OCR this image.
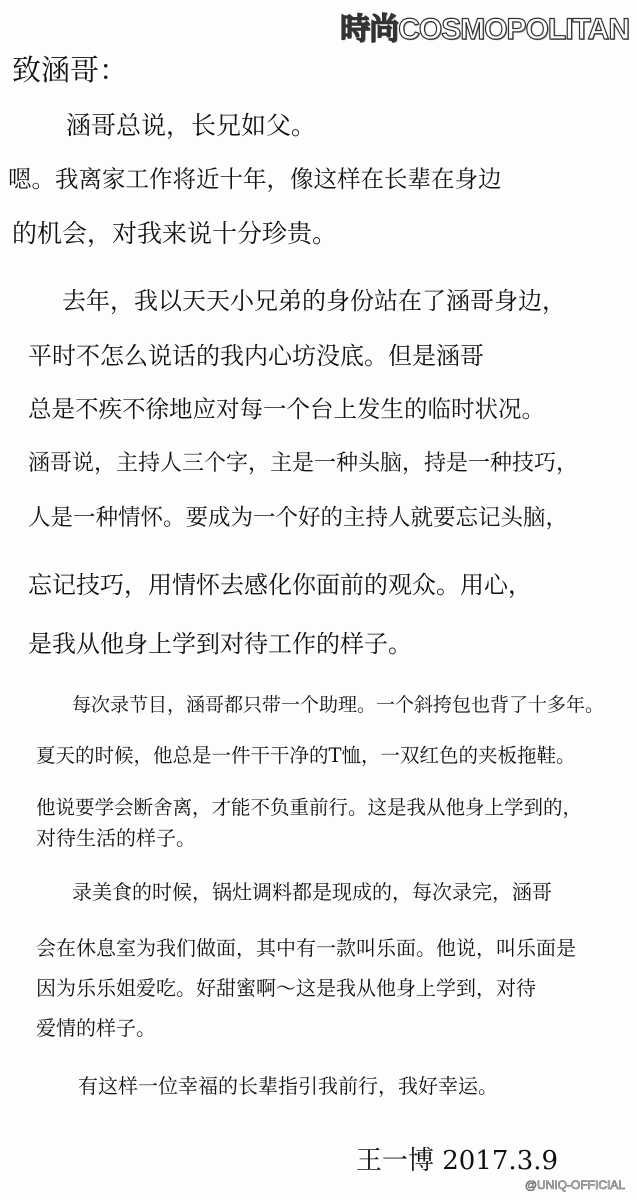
時尚COSMOPOLITAN
致涵哥：
涵哥总说，长兄如父。
嗯。我离家工作将近十年，像这样在长辈在身边
的机会，对我来说十分珍贵。
去年，我以天天小兄弟的身份站在了涵哥身边，
平时不怎么说话的我内心坊没底。但是涵哥
总是不疾不徐地应对每一个台上发生的临时状况。
涵哥说，主持人三个字，主是一种头脑，持是一种技巧，
人是一种情怀。要成为一个好的主持人就要忘记头脑，
忘记技巧，用情怀去感化你面前的观众。用心，
是我从他身上学到对待工作的样子。
每次录节目，涵哥都只带一个助理。一个斜挎包也背了十多年。
夏天的时候，他总是一件干干净的T恤，一双红色的夹板拖鞋。
他说要学会断舍离，才能不负重前行。这是我从他身上学到的，
对待生活的样子。
录美食的时候，锅灶调料都是现成的，每次录完，涵哥
会在休息室为我们做面，其中有一款叫乐面。他说，叫乐面是
因为乐乐姐爱吃。好甜蜜啊～这是我从他身上学到，对待
爱情的样子。
有这样一位幸福的长辈指引我前行，我好幸运。
王一博 2017.3.9
@UNIQ-OFFICIAL
